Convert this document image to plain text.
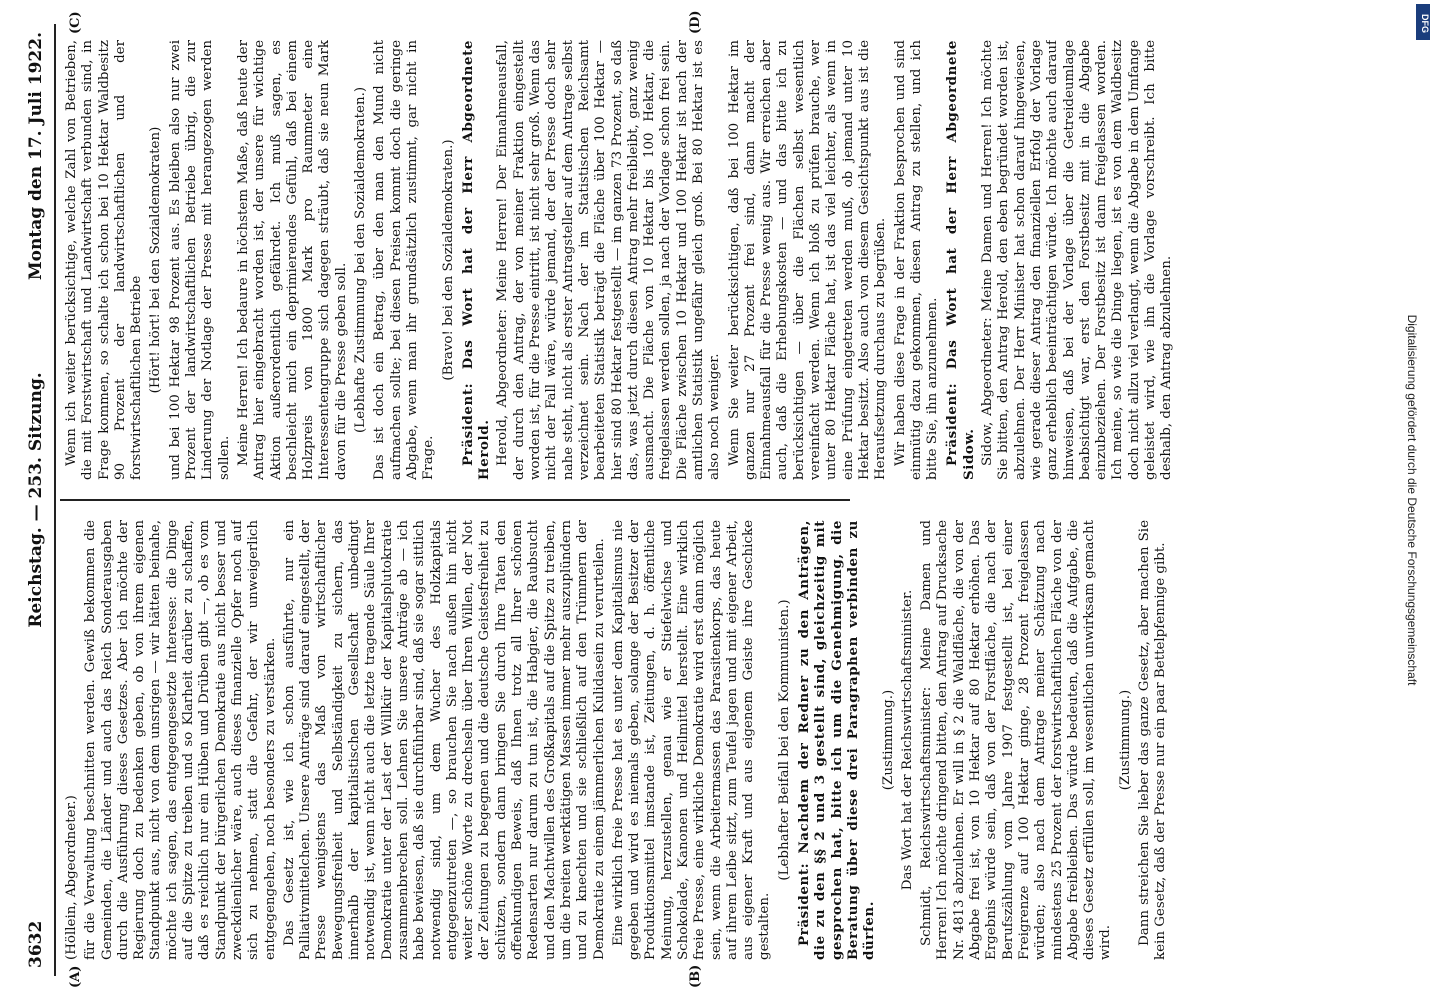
3632
Reichstag. — 253. Sitzung.
Montag den 17. Juli 1922.
(A)	(B)
(C)	(D)

(Höllein, Abgeordneter.) für die Verwaltung beschnitten werden. Gewiß bekommen die Gemeinden, die Länder und auch das Reich Sonderausgaben durch die Ausführung dieses Gesetzes. Aber ich möchte der Regierung doch zu bedenken geben, ob von ihrem eigenen Standpunkt aus, nicht von dem unsrigen — wir hätten beinahe, möchte ich sagen, das entgegengesetzte Interesse: die Dinge auf die Spitze zu treiben und so Klarheit darüber zu schaffen, daß es reichlich nur ein Hüben und Drüben gibt —, ob es vom Standpunkt der bürgerlichen Demokratie aus nicht besser und zweckdienlicher wäre, auch dieses finanzielle Opfer noch auf sich zu nehmen, statt die Gefahr, der wir unweigerlich entgegengehen, noch besonders zu verstärken. Das Gesetz ist, wie ich schon ausführte, nur ein Palliativmittelchen. Unsere Anträge sind darauf eingestellt, der Presse wenigstens das Maß von wirtschaftlicher Bewegungsfreiheit und Selbständigkeit zu sichern, das innerhalb der kapitalistischen Gesellschaft unbedingt notwendig ist, wenn nicht auch die letzte tragende Säule Ihrer Demokratie unter der Last der Willkür der Kapitalsplutokratie zusammenbrechen soll. Lehnen Sie unsere Anträge ab — ich habe bewiesen, daß sie durchführbar sind, daß sie sogar sittlich notwendig sind, um dem Wucher des Holzkapitals entgegenzutreten —, so brauchen Sie nach außen hin nicht weiter schöne Worte zu drechseln über Ihren Willen, der Not der Zeitungen zu begegnen und die deutsche Geistesfreiheit zu schützen, sondern dann bringen Sie durch Ihre Taten den offenkundigen Beweis, daß Ihnen trotz all Ihrer schönen Redensarten nur darum zu tun ist, die Habgier, die Raubsucht und den Machtwillen des Großkapitals auf die Spitze zu treiben, um die breiten werktätigen Massen immer mehr auszuplündern und zu knechten und sie schließlich auf den Trümmern der Demokratie zu einem jämmerlichen Kulidasein zu verurteilen. Eine wirklich freie Presse hat es unter dem Kapitalismus nie gegeben und wird es niemals geben, solange der Besitzer der Produktionsmittel imstande ist, Zeitungen, d. h. öffentliche Meinung, herzustellen, genau wie er Stiefelwichse und Schokolade, Kanonen und Heilmittel herstellt. Eine wirklich freie Presse, eine wirkliche Demokratie wird erst dann möglich sein, wenn die Arbeitermassen das Parasitenkorps, das heute auf ihrem Leibe sitzt, zum Teufel jagen und mit eigener Arbeit, aus eigener Kraft und aus eigenem Geiste ihre Geschicke gestalten.

(Lebhafter Beifall bei den Kommunisten.) Präsident: Nachdem der Redner zu den Anträgen, die zu den §§ 2 und 3 gestellt sind, gleichzeitig mit gesprochen hat, bitte ich um die Genehmigung, die Beratung über diese drei Paragraphen verbinden zu dürfen.

(Zustimmung.) Das Wort hat der Reichswirtschaftsminister. Schmidt, Reichswirtschaftsminister: Meine Damen und Herren! Ich möchte dringend bitten, den Antrag auf Drucksache Nr. 4813 abzulehnen. Er will in § 2 die Waldfläche, die von der Abgabe frei ist, von 10 Hektar auf 80 Hektar erhöhen. Das Ergebnis würde sein, daß von der Forstfläche, die nach der Berufszählung vom Jahre 1907 festgestellt ist, bei einer Freigrenze auf 100 Hektar ginge, 28 Prozent freigelassen würden; also nach dem Antrage meiner Schätzung nach mindestens 25 Prozent der forstwirtschaftlichen Fläche von der Abgabe freibleiben. Das würde bedeuten, daß die Aufgabe, die dieses Gesetz erfüllen soll, im wesentlichen unwirksam gemacht wird.

(Zustimmung.) Dann streichen Sie lieber das ganze Gesetz, aber machen Sie kein Gesetz, daß der Presse nur ein paar Bettelpfennige gibt.

Wenn ich weiter berücksichtige, welche Zahl von Betrieben, die mit Forstwirtschaft und Landwirtschaft verbunden sind, in Frage kommen, so schalte ich schon bei 10 Hektar Waldbesitz 90 Prozent der landwirtschaftlichen und der forstwirtschaftlichen Betriebe (Hört! hört! bei den Sozialdemokraten) und bei 100 Hektar 98 Prozent aus. Es bleiben also nur zwei Prozent der landwirtschaftlichen Betriebe übrig, die zur Linderung der Notlage der Presse mit herangezogen werden sollen. Meine Herren! Ich bedaure in höchstem Maße, daß heute der Antrag hier eingebracht worden ist, der unsere für wichtige Aktion außerordentlich gefährdet. Ich muß sagen, es beschleicht mich ein deprimierendes Gefühl, daß bei einem Holzpreis von 1800 Mark pro Raummeter eine Interessentengruppe sich dagegen sträubt, daß sie neun Mark davon für die Presse geben soll. (Lebhafte Zustimmung bei den Sozialdemokraten.) Das ist doch ein Betrag, über den man den Mund nicht aufmachen sollte; bei diesen Preisen kommt doch die geringe Abgabe, wenn man ihr grundsätzlich zustimmt, gar nicht in Frage.

(Bravo! bei den Sozialdemokraten.) Präsident: Das Wort hat der Herr Abgeordnete Herold. Herold, Abgeordneter: Meine Herren! Der Einnahmeausfall, der durch den Antrag, der von meiner Fraktion eingestellt worden ist, für die Presse eintritt, ist nicht sehr groß. Wenn das nicht der Fall wäre, würde jemand, der der Presse doch sehr nahe steht, nicht als erster Antragsteller auf dem Antrage selbst verzeichnet sein. Nach der im Statistischen Reichsamt bearbeiteten Statistik beträgt die Fläche über 100 Hektar — hier sind 80 Hektar festgestellt — im ganzen 73 Prozent, so daß das, was jetzt durch diesen Antrag mehr freibleibt, ganz wenig ausmacht. Die Fläche von 10 Hektar bis 100 Hektar, die freigelassen werden sollen, ja nach der Vorlage schon frei sein. Die Fläche zwischen 10 Hektar und 100 Hektar ist nach der amtlichen Statistik ungefähr gleich groß. Bei 80 Hektar ist es also noch weniger. Wenn Sie weiter berücksichtigen, daß bei 100 Hektar im ganzen nur 27 Prozent frei sind, dann macht der Einnahmeausfall für die Presse wenig aus. Wir erreichen aber auch, daß die Erhebungskosten — und das bitte ich zu berücksichtigen — über die Flächen selbst wesentlich vereinfacht werden. Wenn ich bloß zu prüfen brauche, wer unter 80 Hektar Fläche hat, ist das viel leichter, als wenn in eine Prüfung eingetreten werden muß, ob jemand unter 10 Hektar besitzt. Also auch von diesem Gesichtspunkt aus ist die Heraufsetzung durchaus zu begrüßen. Wir haben diese Frage in der Fraktion besprochen und sind einmütig dazu gekommen, diesen Antrag zu stellen, und ich bitte Sie, ihn anzunehmen. Präsident: Das Wort hat der Herr Abgeordnete Sidow. Sidow, Abgeordneter: Meine Damen und Herren! Ich möchte Sie bitten, den Antrag Herold, den eben begründet worden ist, abzulehnen. Der Herr Minister hat schon darauf hingewiesen, wie gerade dieser Antrag den finanziellen Erfolg der Vorlage ganz erheblich beeinträchtigen würde. Ich möchte auch darauf hinweisen, daß bei der Vorlage über die Getreideumlage beabsichtigt war, erst den Forstbesitz mit in die Abgabe einzubeziehen. Der Forstbesitz ist dann freigelassen worden. Ich meine, so wie die Dinge liegen, ist es von dem Waldbesitz doch nicht allzu viel verlangt, wenn die Abgabe in dem Umfange geleistet wird, wie ihn die Vorlage vorschreibt. Ich bitte deshalb, den Antrag abzulehnen.	Digitalisierung gefördert durch die Deutsche Forschungsgemeinschaft
DFG
